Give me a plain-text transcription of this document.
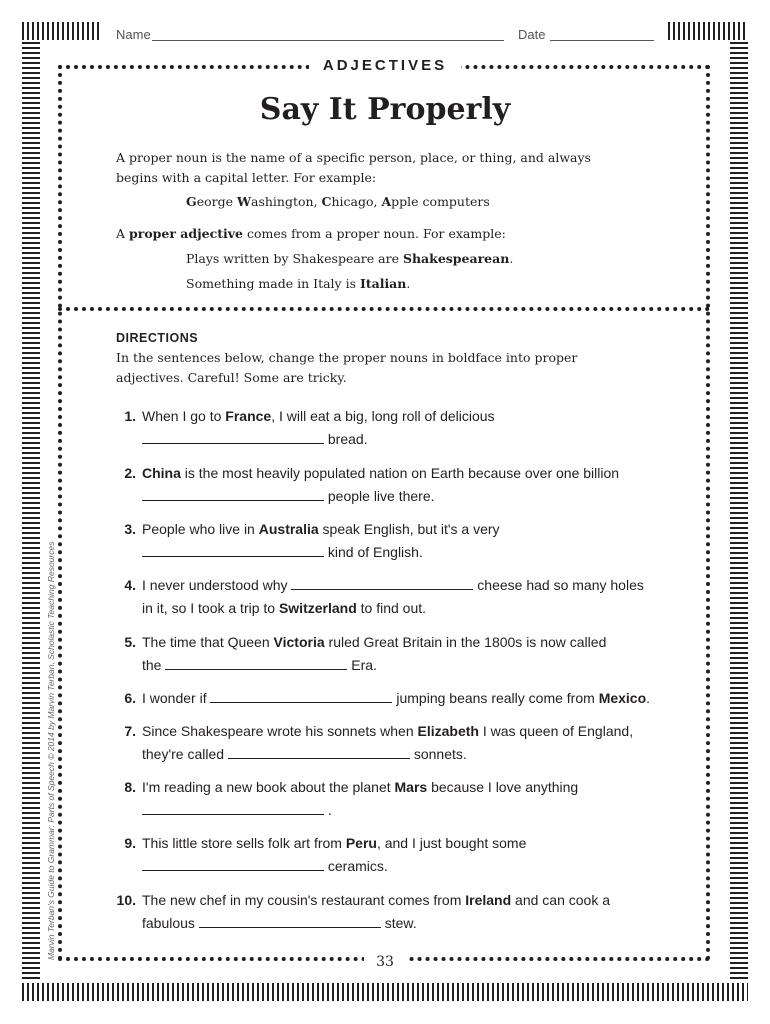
Name	Date
ADJECTIVES
Say It Properly
A proper noun is the name of a specific person, place, or thing, and always
begins with a capital letter. For example:
George Washington, Chicago, Apple computers
A proper adjective comes from a proper noun. For example:
Plays written by Shakespeare are Shakespearean.
Something made in Italy is Italian.
DIRECTIONS
In the sentences below, change the proper nouns in boldface into proper
adjectives. Careful! Some are tricky.
1. When I go to France, I will eat a big, long roll of delicious
bread.
2. China is the most heavily populated nation on Earth because over one billion
people live there.
3. People who live in Australia speak English, but it's a very
kind of English.
4. I never understood why	cheese had so many holes
in it, so I took a trip to Switzerland to find out.
5. The time that Queen Victoria ruled Great Britain in the 1800s is now called
the	Era.
6. I wonder if	jumping beans really come from Mexico.
7. Since Shakespeare wrote his sonnets when Elizabeth I was queen of England,
they're called	sonnets.
8. I'm reading a new book about the planet Mars because I love anything
.
9. This little store sells folk art from Peru, and I just bought some
ceramics.
10. The new chef in my cousin's restaurant comes from Ireland and can cook a
fabulous	stew.
33
Marvin Terban's Guide to Grammar: Parts of Speech © 2014 by Marvin Terban, Scholastic Teaching Resources
